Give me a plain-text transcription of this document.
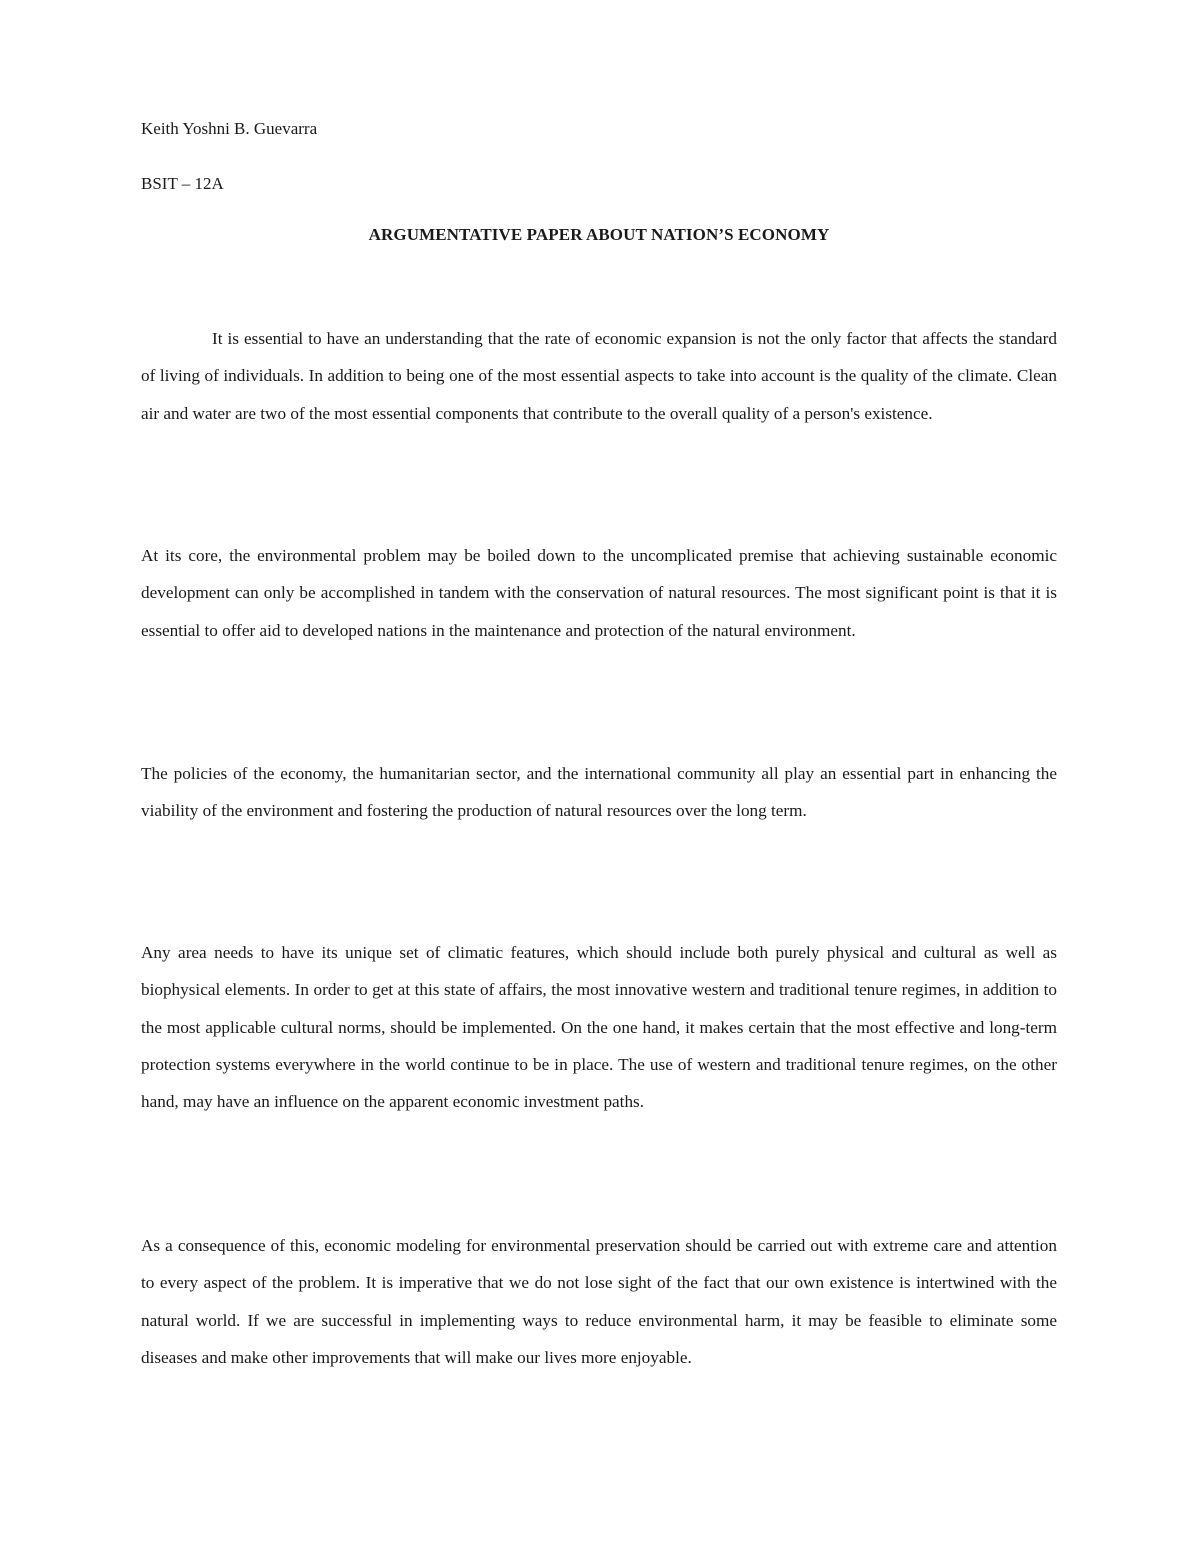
Keith Yoshni B. Guevarra
BSIT – 12A
ARGUMENTATIVE PAPER ABOUT NATION’S ECONOMY

It is essential to have an understanding that the rate of economic expansion is not the only factor that affects the standard of living of individuals. In addition to being one of the most essential aspects to take into account is the quality of the climate. Clean air and water are two of the most essential components that contribute to the overall quality of a person's existence.

At its core, the environmental problem may be boiled down to the uncomplicated premise that achieving sustainable economic development can only be accomplished in tandem with the conservation of natural resources. The most significant point is that it is essential to offer aid to developed nations in the maintenance and protection of the natural environment.

The policies of the economy, the humanitarian sector, and the international community all play an essential part in enhancing the viability of the environment and fostering the production of natural resources over the long term.

Any area needs to have its unique set of climatic features, which should include both purely physical and cultural as well as biophysical elements. In order to get at this state of affairs, the most innovative western and traditional tenure regimes, in addition to the most applicable cultural norms, should be implemented. On the one hand, it makes certain that the most effective and long-term protection systems everywhere in the world continue to be in place. The use of western and traditional tenure regimes, on the other hand, may have an influence on the apparent economic investment paths.

As a consequence of this, economic modeling for environmental preservation should be carried out with extreme care and attention to every aspect of the problem. It is imperative that we do not lose sight of the fact that our own existence is intertwined with the natural world. If we are successful in implementing ways to reduce environmental harm, it may be feasible to eliminate some diseases and make other improvements that will make our lives more enjoyable.
